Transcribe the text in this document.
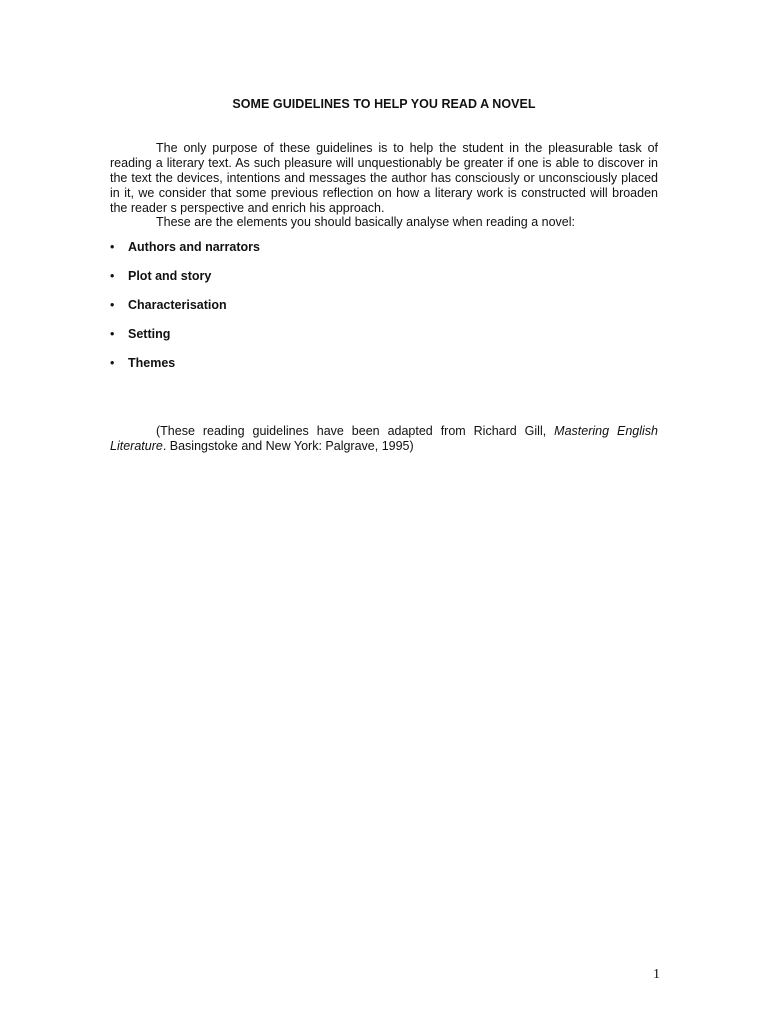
SOME GUIDELINES TO HELP YOU READ A NOVEL
The only purpose of these guidelines is to help the student in the pleasurable task of reading a literary text. As such pleasure will unquestionably be greater if one is able to discover in the text the devices, intentions and messages the author has consciously or unconsciously placed in it, we consider that some previous reflection on how a literary work is constructed will broaden the reader s perspective and enrich his approach.
These are the elements you should basically analyse when reading a novel:
•	Authors and narrators
•	Plot and story
•	Characterisation
•	Setting
•	Themes
(These reading guidelines have been adapted from Richard Gill, Mastering English Literature. Basingstoke and New York: Palgrave, 1995)
1
